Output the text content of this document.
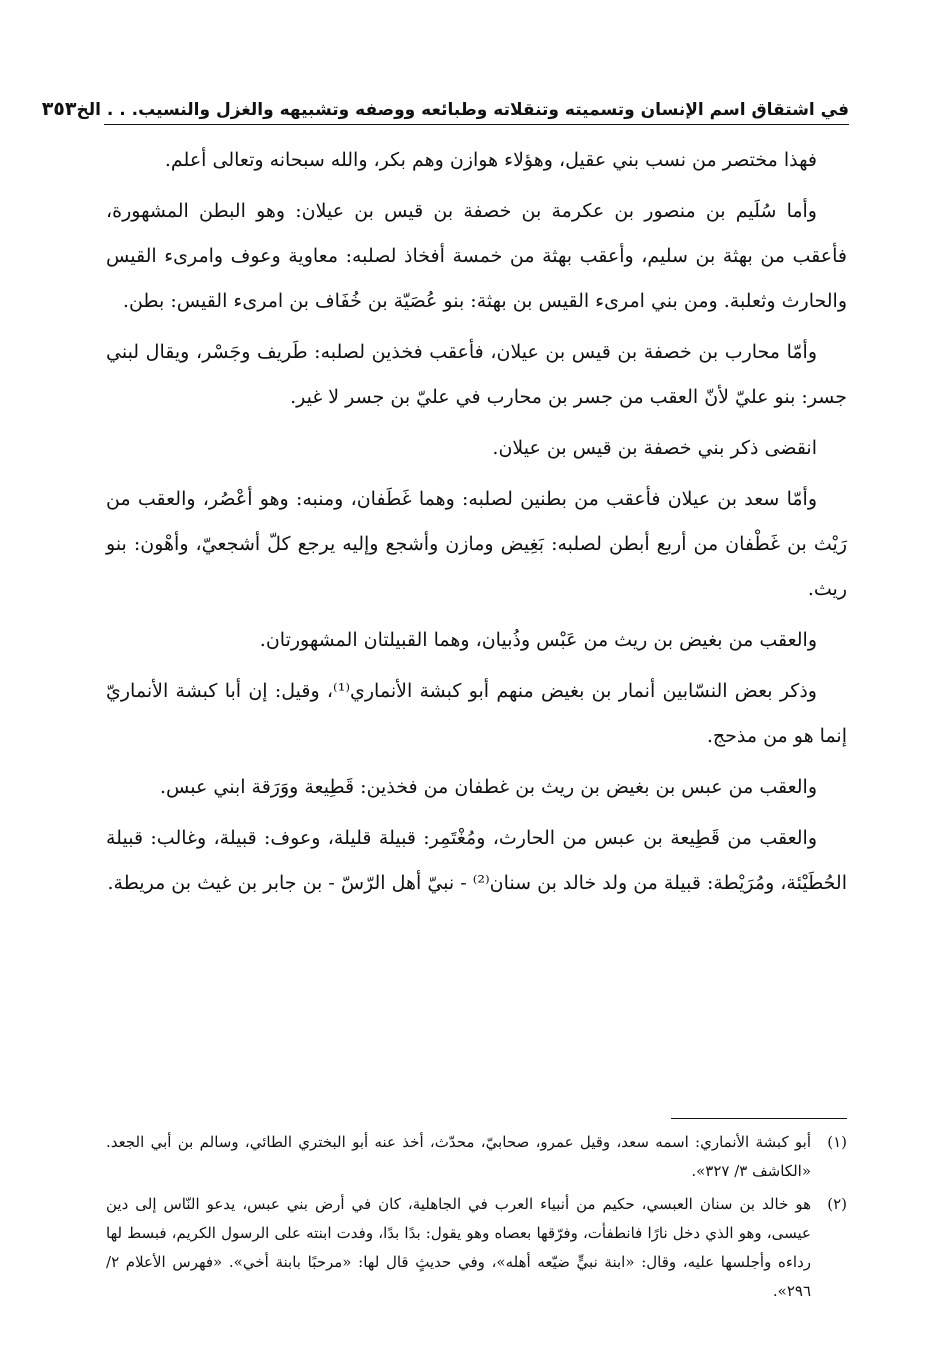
في اشتقاق اسم الإنسان وتسميته وتنقلاته وطبائعه ووصفه وتشبيهه والغزل والنسيب. . . الخ
٣٥٣

فهذا مختصر من نسب بني عقيل، وهؤلاء هوازن وهم بكر، والله سبحانه وتعالى أعلم.

وأما سُلَيم بن منصور بن عكرمة بن خصفة بن قيس بن عيلان: وهو البطن المشهورة، فأعقب من بهثة بن سليم، وأعقب بهثة من خمسة أفخاذ لصلبه: معاوية وعوف وامرىء القيس والحارث وثعلبة. ومن بني امرىء القيس بن بهثة: بنو عُصَيّة بن خُفَاف بن امرىء القيس: بطن.

وأمّا محارب بن خصفة بن قيس بن عيلان، فأعقب فخذين لصلبه: طَريف وجَسْر، ويقال لبني جسر: بنو عليّ لأنّ العقب من جسر بن محارب في عليّ بن جسر لا غير.

انقضى ذكر بني خصفة بن قيس بن عيلان.

وأمّا سعد بن عيلان فأعقب من بطنين لصلبه: وهما غَطَفان، ومنبه: وهو أعْصُر، والعقب من رَيْث بن غَطْفان من أربع أبطن لصلبه: بَغِيض ومازن وأشجع وإليه يرجع كلّ أشجعيّ، وأهْون: بنو ريث.

والعقب من بغيض بن ريث من عَبْس وذُبيان، وهما القبيلتان المشهورتان.

وذكر بعض النسّابين أنمار بن بغيض منهم أبو كبشة الأنماري⁽¹⁾، وقيل: إن أبا كبشة الأنماريّ إنما هو من مذحج.

والعقب من عبس بن بغيض بن ريث بن غطفان من فخذين: قَطِيعة ووَرَقة ابني عبس.

والعقب من قَطِيعة بن عبس من الحارث، ومُغْتَمِر: قبيلة قليلة، وعوف: قبيلة، وغالب: قبيلة الحُطَيْئة، ومُرَيْطة: قبيلة من ولد خالد بن سنان⁽²⁾ - نبيّ أهل الرّسّ - بن جابر بن غيث بن مريطة.

(١)
أبو كبشة الأنماري: اسمه سعد، وقيل عمرو، صحابيّ، محدّث، أخذ عنه أبو البختري الطائي، وسالم بن أبي الجعد. «الكاشف ٣/ ٣٢٧».
(٢)
هو خالد بن سنان العبسي، حكيم من أنبياء العرب في الجاهلية، كان في أرض بني عبس، يدعو النّاس إلى دين عيسى، وهو الذي دخل نارًا فانطفأت، وفرّقها بعصاه وهو يقول: بدًا بدًا، وفدت ابنته على الرسول الكريم، فبسط لها رداءه وأجلسها عليه، وقال: «ابنة نبيٍّ ضيّعه أهله»، وفي حديثٍ قال لها: «مرحبًا بابنة أخي». «فهرس الأعلام ٢/ ٢٩٦».
